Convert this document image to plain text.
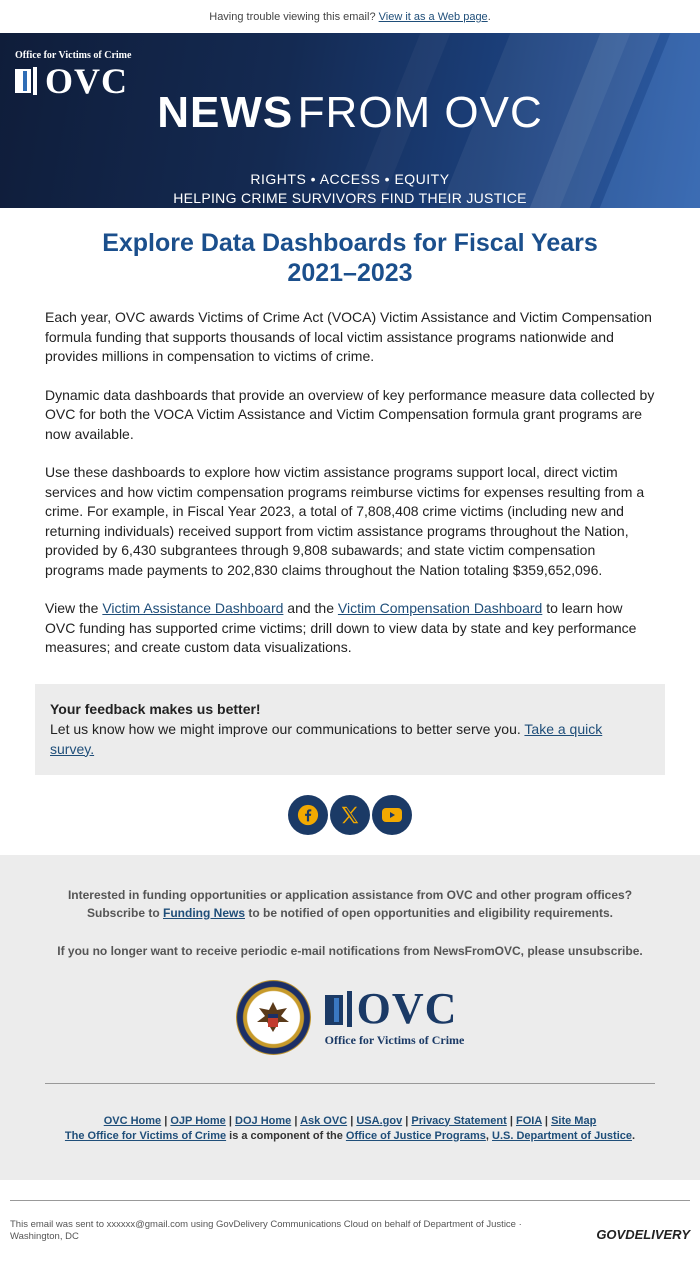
Having trouble viewing this email? View it as a Web page.
Office for Victims of Crime
OVC
NEWS FROM OVC
RIGHTS • ACCESS • EQUITY
HELPING CRIME SURVIVORS FIND THEIR JUSTICE
Explore Data Dashboards for Fiscal Years 2021–2023

Each year, OVC awards Victims of Crime Act (VOCA) Victim Assistance and Victim Compensation formula funding that supports thousands of local victim assistance programs nationwide and provides millions in compensation to victims of crime.

Dynamic data dashboards that provide an overview of key performance measure data collected by OVC for both the VOCA Victim Assistance and Victim Compensation formula grant programs are now available.

Use these dashboards to explore how victim assistance programs support local, direct victim services and how victim compensation programs reimburse victims for expenses resulting from a crime. For example, in Fiscal Year 2023, a total of 7,808,408 crime victims (including new and returning individuals) received support from victim assistance programs throughout the Nation, provided by 6,430 subgrantees through 9,808 subawards; and state victim compensation programs made payments to 202,830 claims throughout the Nation totaling $359,652,096.

View the Victim Assistance Dashboard and the Victim Compensation Dashboard to learn how OVC funding has supported crime victims; drill down to view data by state and key performance measures; and create custom data visualizations.

Your feedback makes us better!
Let us know how we might improve our communications to better serve you. Take a quick survey.
Interested in funding opportunities or application assistance from OVC and other program offices?
Subscribe to Funding News to be notified of open opportunities and eligibility requirements.
If you no longer want to receive periodic e-mail notifications from NewsFromOVC, please unsubscribe.
OVC
Office for Victims of Crime
OVC Home | OJP Home | DOJ Home | Ask OVC | USA.gov | Privacy Statement | FOIA | Site Map
The Office for Victims of Crime is a component of the Office of Justice Programs, U.S. Department of Justice.
This email was sent to xxxxxx@gmail.com using GovDelivery Communications Cloud on behalf of Department of Justice · Washington, DC	GOVDELIVERY
